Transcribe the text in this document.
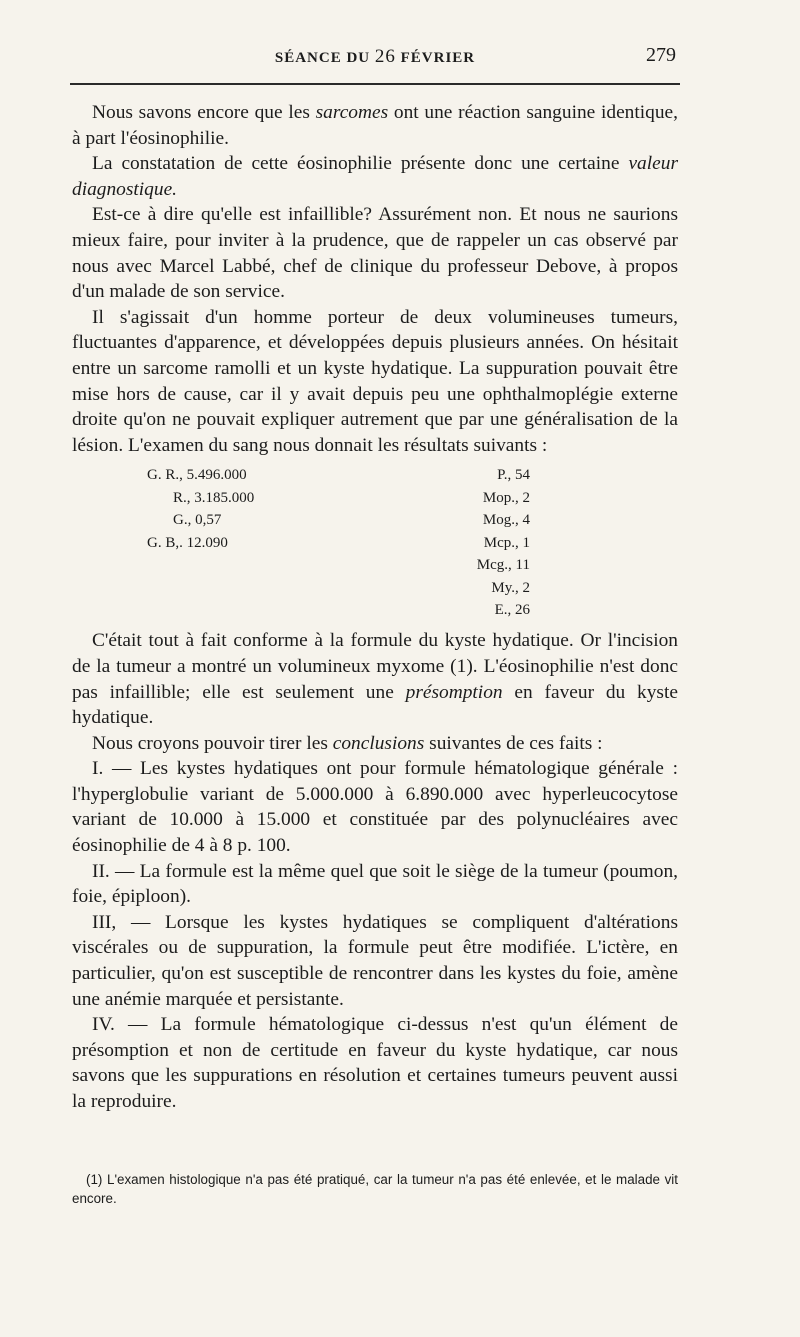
SÉANCE DU 26 FÉVRIER	279

Nous savons encore que les sarcomes ont une réaction sanguine identique, à part l'éosinophilie.

La constatation de cette éosinophilie présente donc une certaine valeur diagnostique.

Est-ce à dire qu'elle est infaillible? Assurément non. Et nous ne saurions mieux faire, pour inviter à la prudence, que de rappeler un cas observé par nous avec Marcel Labbé, chef de clinique du professeur Debove, à propos d'un malade de son service.

Il s'agissait d'un homme porteur de deux volumineuses tumeurs, fluctuantes d'apparence, et développées depuis plusieurs années. On hésitait entre un sarcome ramolli et un kyste hydatique. La suppuration pouvait être mise hors de cause, car il y avait depuis peu une ophthalmoplégie externe droite qu'on ne pouvait expliquer autrement que par une généralisation de la lésion. L'examen du sang nous donnait les résultats suivants :

G. R., 5.496.000
R., 3.185.000
G., 0,57
G. B,. 12.090
P., 54
Mop., 2
Mog., 4
Mcp., 1
Mcg., 11
My., 2
E., 26

C'était tout à fait conforme à la formule du kyste hydatique. Or l'incision de la tumeur a montré un volumineux myxome (1). L'éosinophilie n'est donc pas infaillible; elle est seulement une présomption en faveur du kyste hydatique.

Nous croyons pouvoir tirer les conclusions suivantes de ces faits :

I. — Les kystes hydatiques ont pour formule hématologique générale : l'hyperglobulie variant de 5.000.000 à 6.890.000 avec hyperleucocytose variant de 10.000 à 15.000 et constituée par des polynucléaires avec éosinophilie de 4 à 8 p. 100.

II. — La formule est la même quel que soit le siège de la tumeur (poumon, foie, épiploon).

III, — Lorsque les kystes hydatiques se compliquent d'altérations viscérales ou de suppuration, la formule peut être modifiée. L'ictère, en particulier, qu'on est susceptible de rencontrer dans les kystes du foie, amène une anémie marquée et persistante.

IV. — La formule hématologique ci-dessus n'est qu'un élément de présomption et non de certitude en faveur du kyste hydatique, car nous savons que les suppurations en résolution et certaines tumeurs peuvent aussi la reproduire.

(1) L'examen histologique n'a pas été pratiqué, car la tumeur n'a pas été enlevée, et le malade vit encore.
